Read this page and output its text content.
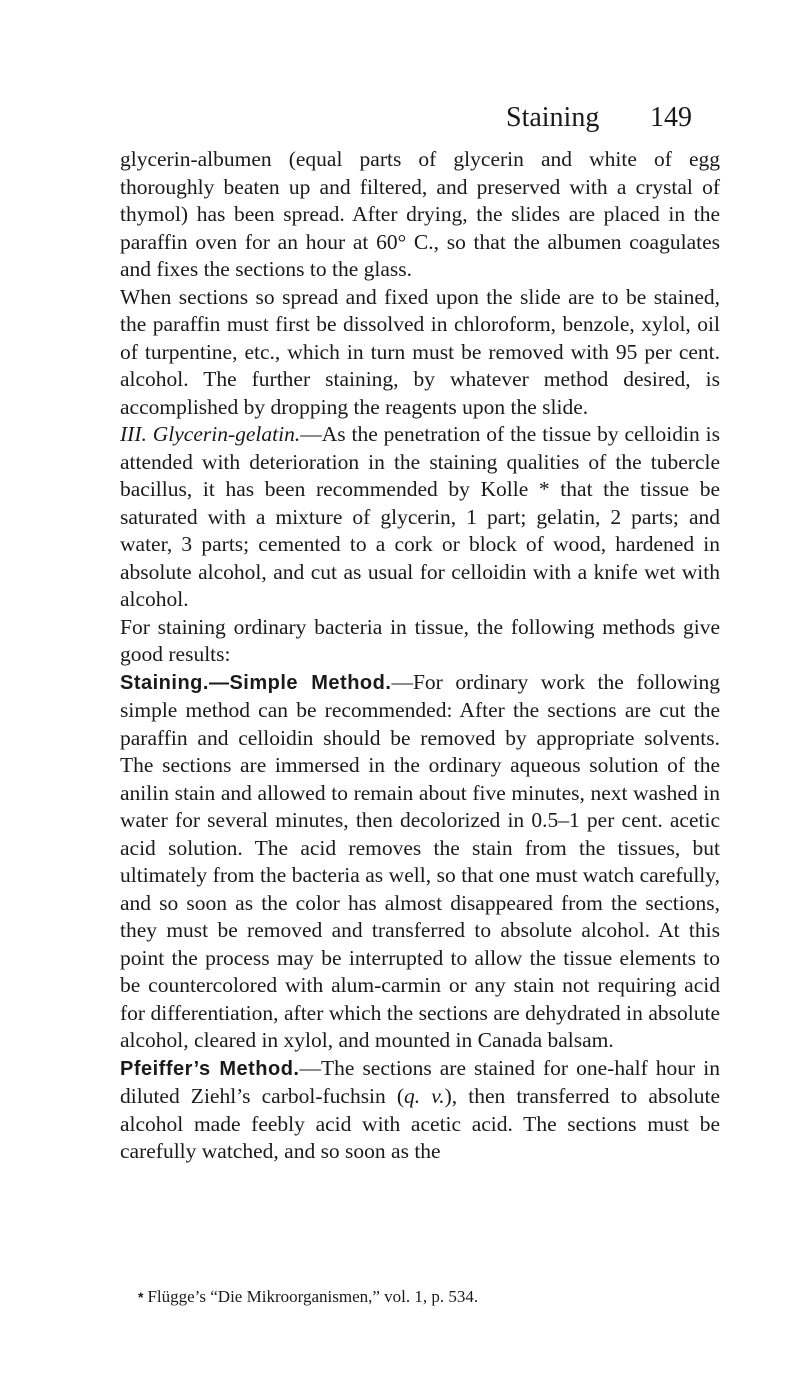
Staining 149

glycerin-albumen (equal parts of glycerin and white of egg thoroughly beaten up and filtered, and preserved with a crystal of thymol) has been spread. After drying, the slides are placed in the paraffin oven for an hour at 60° C., so that the albumen coagulates and fixes the sections to the glass.

When sections so spread and fixed upon the slide are to be stained, the paraffin must first be dissolved in chloroform, benzole, xylol, oil of turpentine, etc., which in turn must be removed with 95 per cent. alcohol. The further staining, by whatever method desired, is accomplished by dropping the reagents upon the slide.

III. Glycerin-gelatin.—As the penetration of the tissue by celloidin is attended with deterioration in the staining qualities of the tubercle bacillus, it has been recommended by Kolle * that the tissue be saturated with a mixture of glycerin, 1 part; gelatin, 2 parts; and water, 3 parts; cemented to a cork or block of wood, hardened in absolute alcohol, and cut as usual for celloidin with a knife wet with alcohol.

For staining ordinary bacteria in tissue, the following methods give good results:

Staining.—Simple Method.—For ordinary work the following simple method can be recommended: After the sections are cut the paraffin and celloidin should be removed by appropriate solvents. The sections are immersed in the ordinary aqueous solution of the anilin stain and allowed to remain about five minutes, next washed in water for several minutes, then decolorized in 0.5–1 per cent. acetic acid solution. The acid removes the stain from the tissues, but ultimately from the bacteria as well, so that one must watch carefully, and so soon as the color has almost disappeared from the sections, they must be removed and transferred to absolute alcohol. At this point the process may be interrupted to allow the tissue elements to be countercolored with alum-carmin or any stain not requiring acid for differentiation, after which the sections are dehydrated in absolute alcohol, cleared in xylol, and mounted in Canada balsam.

Pfeiffer’s Method.—The sections are stained for one-half hour in diluted Ziehl’s carbol-fuchsin (q. v.), then transferred to absolute alcohol made feebly acid with acetic acid. The sections must be carefully watched, and so soon as the

* Flügge’s “Die Mikroorganismen,” vol. 1, p. 534.
